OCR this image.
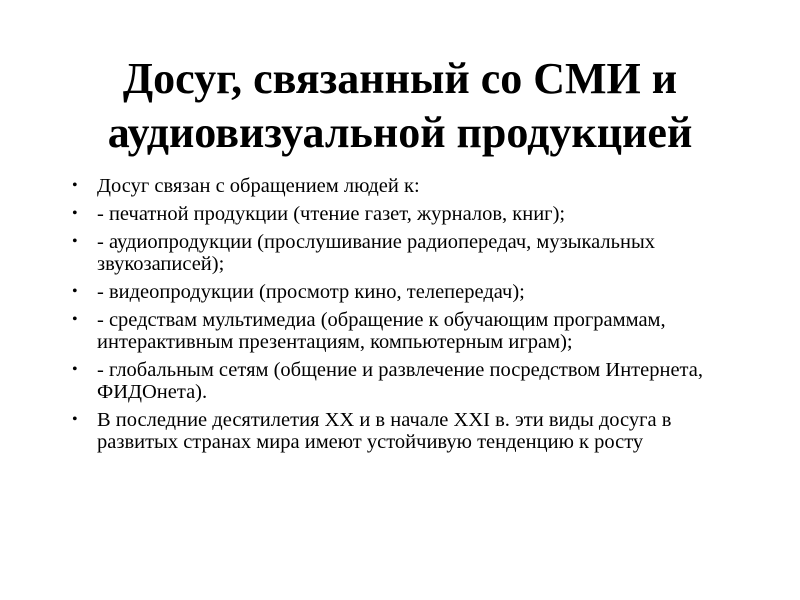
Досуг, связанный со СМИ и
аудиовизуальной продукцией
• Досуг связан с обращением людей к:
• - печатной продукции (чтение газет, журналов, книг);
• - аудиопродукции (прослушивание радиопередач, музыкальных звукозаписей);
• - видеопродукции (просмотр кино, телепередач);
• - средствам мультимедиа (обращение к обучающим программам, интерактивным презентациям, компьютерным играм);
• - глобальным сетям (общение и развлечение посредством Интернета, ФИДОнета).
• В последние десятилетия XX и в начале XXI в. эти виды досуга в развитых странах мира имеют устойчивую тенденцию к росту
